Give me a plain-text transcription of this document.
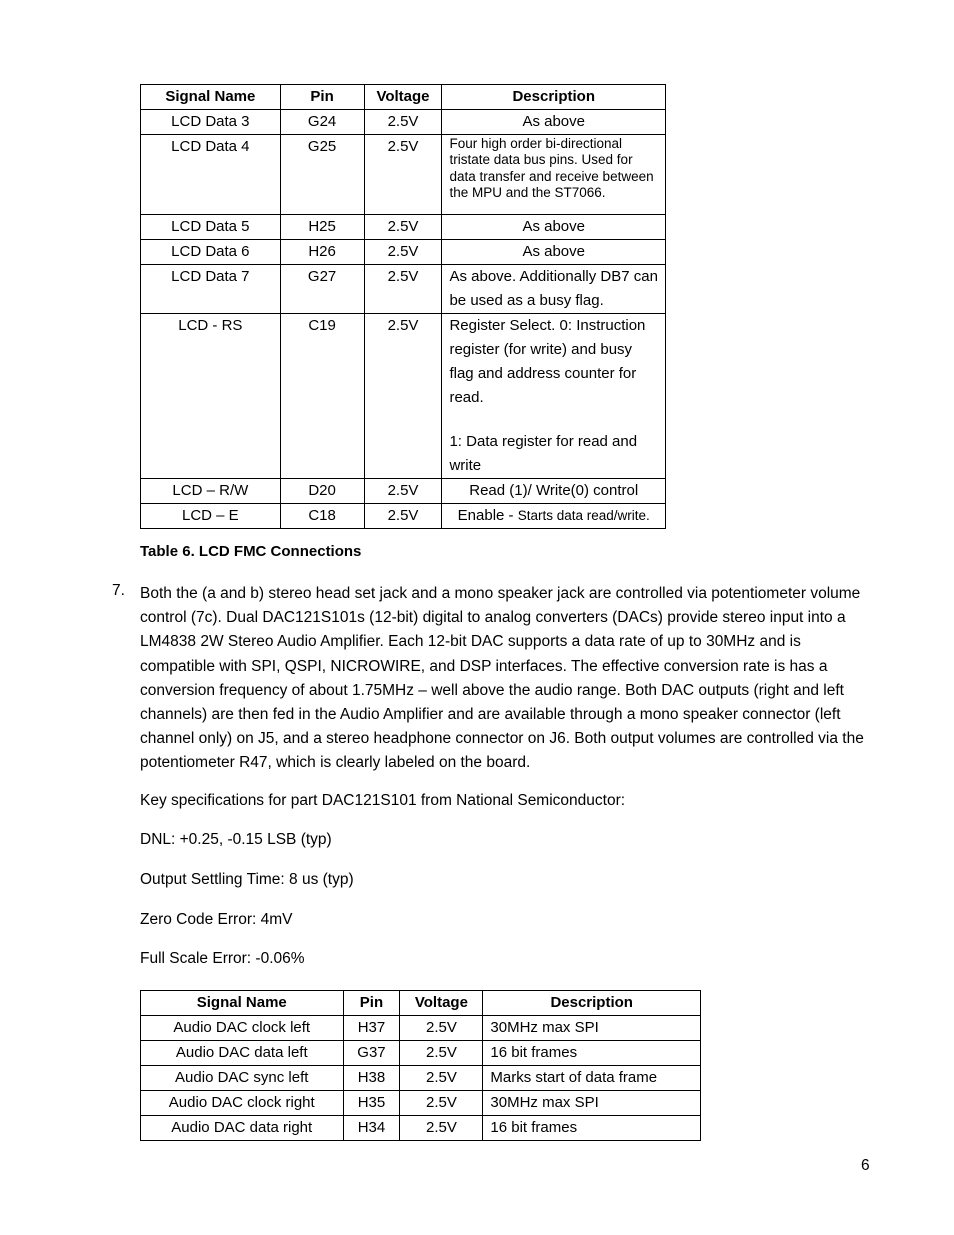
Signal Name	Pin	Voltage	Description
LCD Data 3	G24	2.5V	As above
LCD Data 4	G25	2.5V	Four high order bi-directional tristate data bus pins. Used for data transfer and receive between the MPU and the ST7066.
LCD Data 5	H25	2.5V	As above
LCD Data 6	H26	2.5V	As above
LCD Data 7	G27	2.5V	As above. Additionally DB7 can be used as a busy flag.
LCD - RS	C19	2.5V	Register Select. 0: Instruction register (for write) and busy flag and address counter for read.
1: Data register for read and write

LCD – R/W	D20	2.5V	Read (1)/ Write(0) control
LCD – E	C18	2.5V	Enable - Starts data read/write.
Table 6. LCD FMC Connections
7. Both the (a and b) stereo head set jack and a mono speaker jack are controlled via potentiometer volume control (7c). Dual DAC121S101s (12-bit) digital to analog converters (DACs) provide stereo input into a LM4838 2W Stereo Audio Amplifier. Each 12-bit DAC supports a data rate of up to 30MHz and is compatible with SPI, QSPI, NICROWIRE, and DSP interfaces. The effective conversion rate is has a conversion frequency of about 1.75MHz – well above the audio range. Both DAC outputs (right and left channels) are then fed in the Audio Amplifier and are available through a mono speaker connector (left channel only) on J5, and a stereo headphone connector on J6. Both output volumes are controlled via the potentiometer R47, which is clearly labeled on the board.

Key specifications for part DAC121S101 from National Semiconductor:

DNL: +0.25, -0.15 LSB (typ)

Output Settling Time: 8 us (typ)

Zero Code Error: 4mV

Full Scale Error: -0.06%

Signal Name	Pin	Voltage	Description
Audio DAC clock left	H37	2.5V	30MHz max SPI
Audio DAC data left	G37	2.5V	16 bit frames
Audio DAC sync left	H38	2.5V	Marks start of data frame
Audio DAC clock right	H35	2.5V	30MHz max SPI
Audio DAC data right	H34	2.5V	16 bit frames
6
